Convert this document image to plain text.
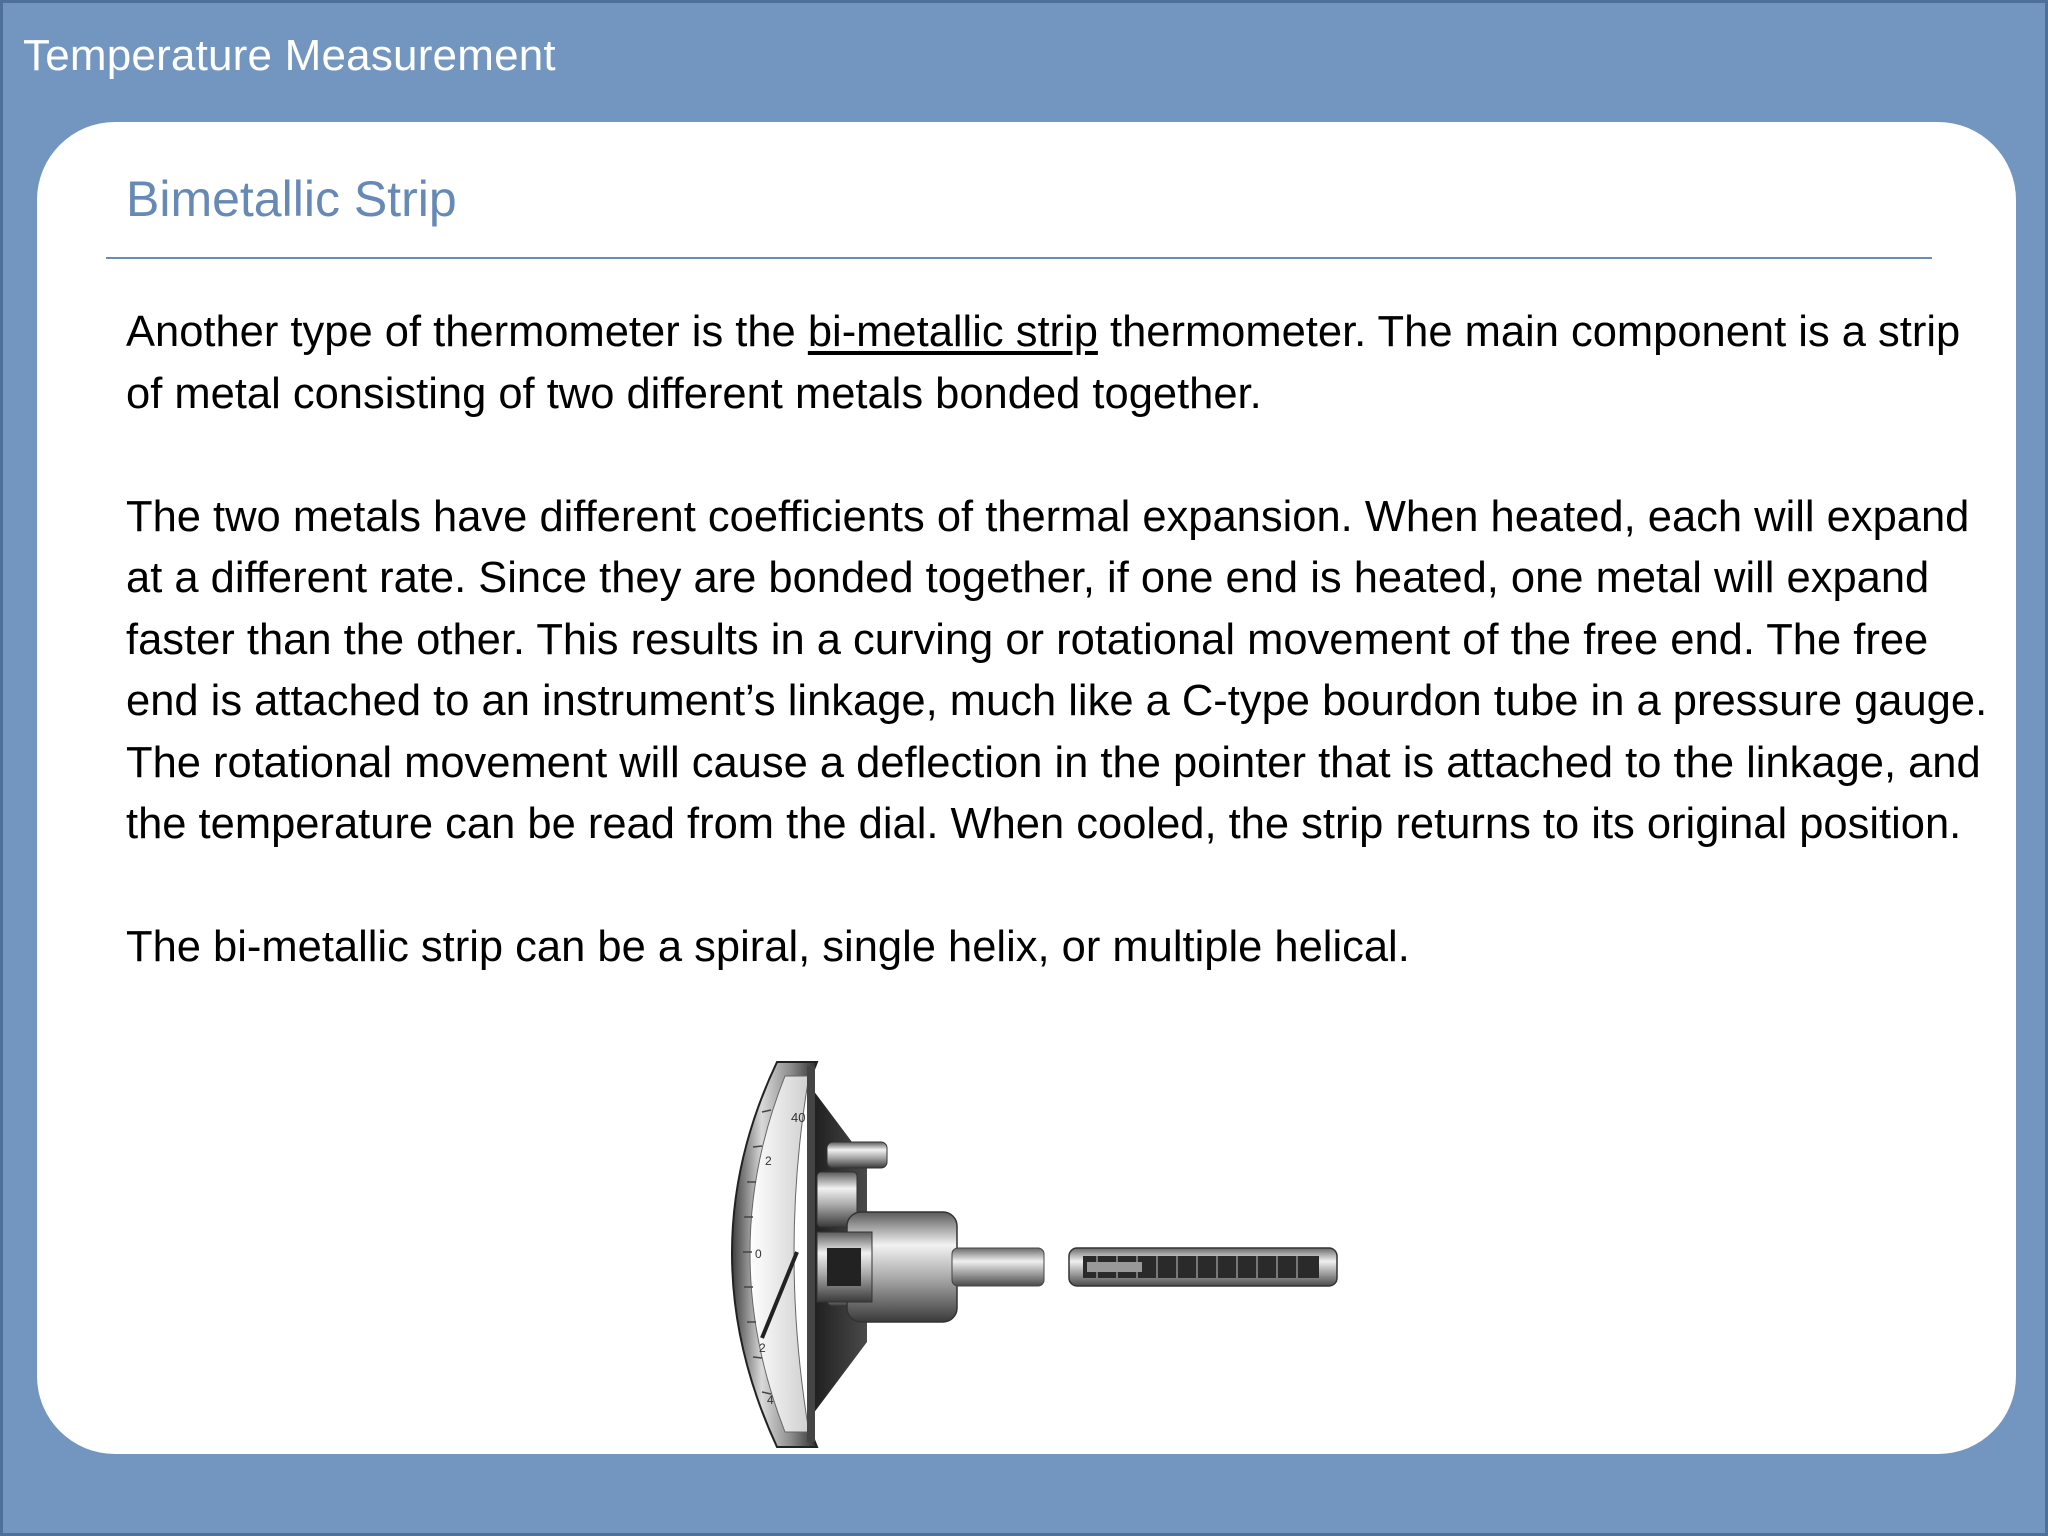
Temperature Measurement
Bimetallic Strip

Another type of thermometer is the bi-metallic strip thermometer. The main component is a strip of metal consisting of two different metals bonded together.

The two metals have different coefficients of thermal expansion. When heated, each will expand at a different rate. Since they are bonded together, if one end is heated, one metal will expand faster than the other. This results in a curving or rotational movement of the free end. The free end is attached to an instrument’s linkage, much like a C-type bourdon tube in a pressure gauge. The rotational movement will cause a deflection in the pointer that is attached to the linkage, and the temperature can be read from the dial. When cooled, the strip returns to its original position.

The bi-metallic strip can be a spiral, single helix, or multiple helical.

40
2
0
2
4
